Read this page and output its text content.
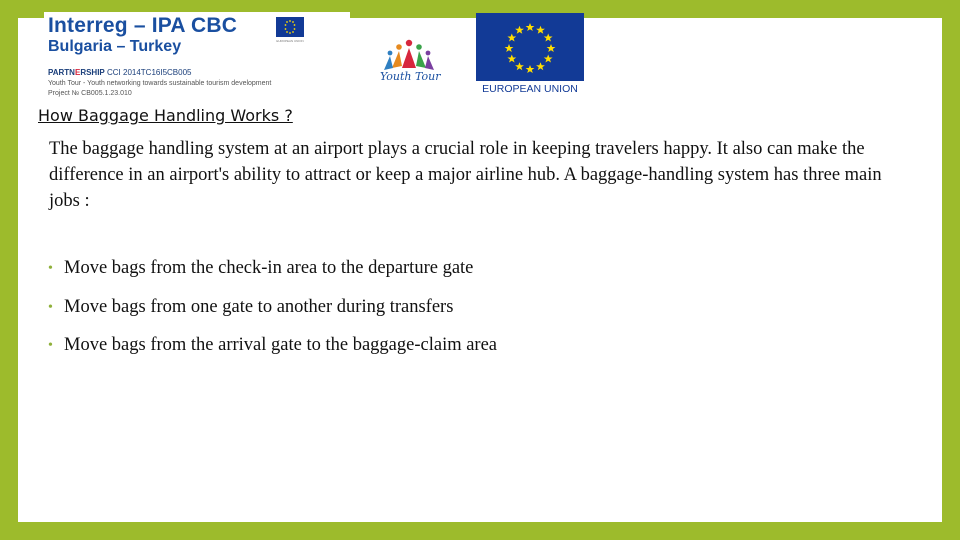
Interreg – IPA CBC
Bulgaria – Turkey	EUROPEAN UNION
PARTNERSHIP CCI 2014TC16I5CB005
Youth Tour - Youth networking towards sustainable tourism development
Project № CB005.1.23.010
Youth Tour
EUROPEAN UNION
How Baggage Handling Works ?
The baggage handling system at an airport plays a crucial role in keeping travelers happy. It also can make the difference in an airport's ability to attract or keep a major airline hub. A baggage-handling system has three main jobs :
• Move bags from the check-in area to the departure gate
• Move bags from one gate to another during transfers
• Move bags from the arrival gate to the baggage-claim area
